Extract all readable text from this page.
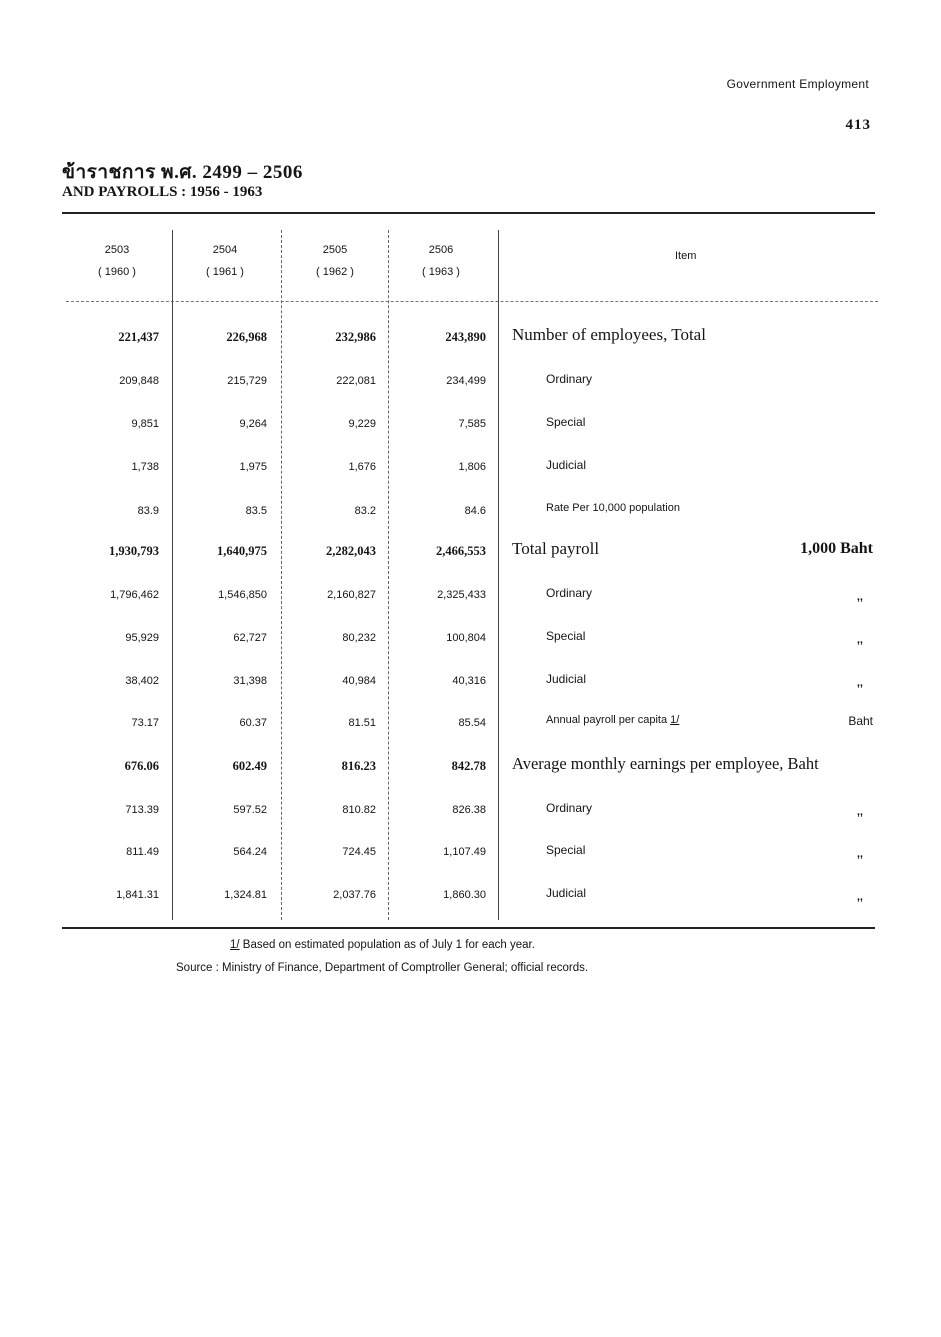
Government Employment
413
ข้าราชการ พ.ศ. 2499 – 2506
AND PAYROLLS : 1956 - 1963
2503
( 1960 )
2504
( 1961 )
2505
( 1962 )
2506
( 1963 )
Item
221,437	226,968	232,986	243,890 Number of employees, Total
209,848	215,729	222,081	234,499	Ordinary
9,851	9,264	9,229	7,585	Special
1,738	1,975	1,676	1,806	Judicial
83.9	83.5	83.2	84.6	Rate Per 10,000 population
1,930,793	1,640,975	2,282,043	2,466,553 Total payroll	1,000 Baht
1,796,462	1,546,850	2,160,827	2,325,433	Ordinary	,,
95,929	62,727	80,232	100,804	Special	,,
38,402	31,398	40,984	40,316	Judicial	,,
73.17	60.37	81.51	85.54	Annual payroll per capita 1/	Baht
676.06	602.49	816.23	842.78 Average monthly earnings per employee, Baht
713.39	597.52	810.82	826.38	Ordinary	,,
811.49	564.24	724.45	1,107.49	Special	,,
1,841.31	1,324.81	2,037.76	1,860.30	Judicial	,,
1/ Based on estimated population as of July 1 for each year.
Source : Ministry of Finance, Department of Comptroller General; official records.
